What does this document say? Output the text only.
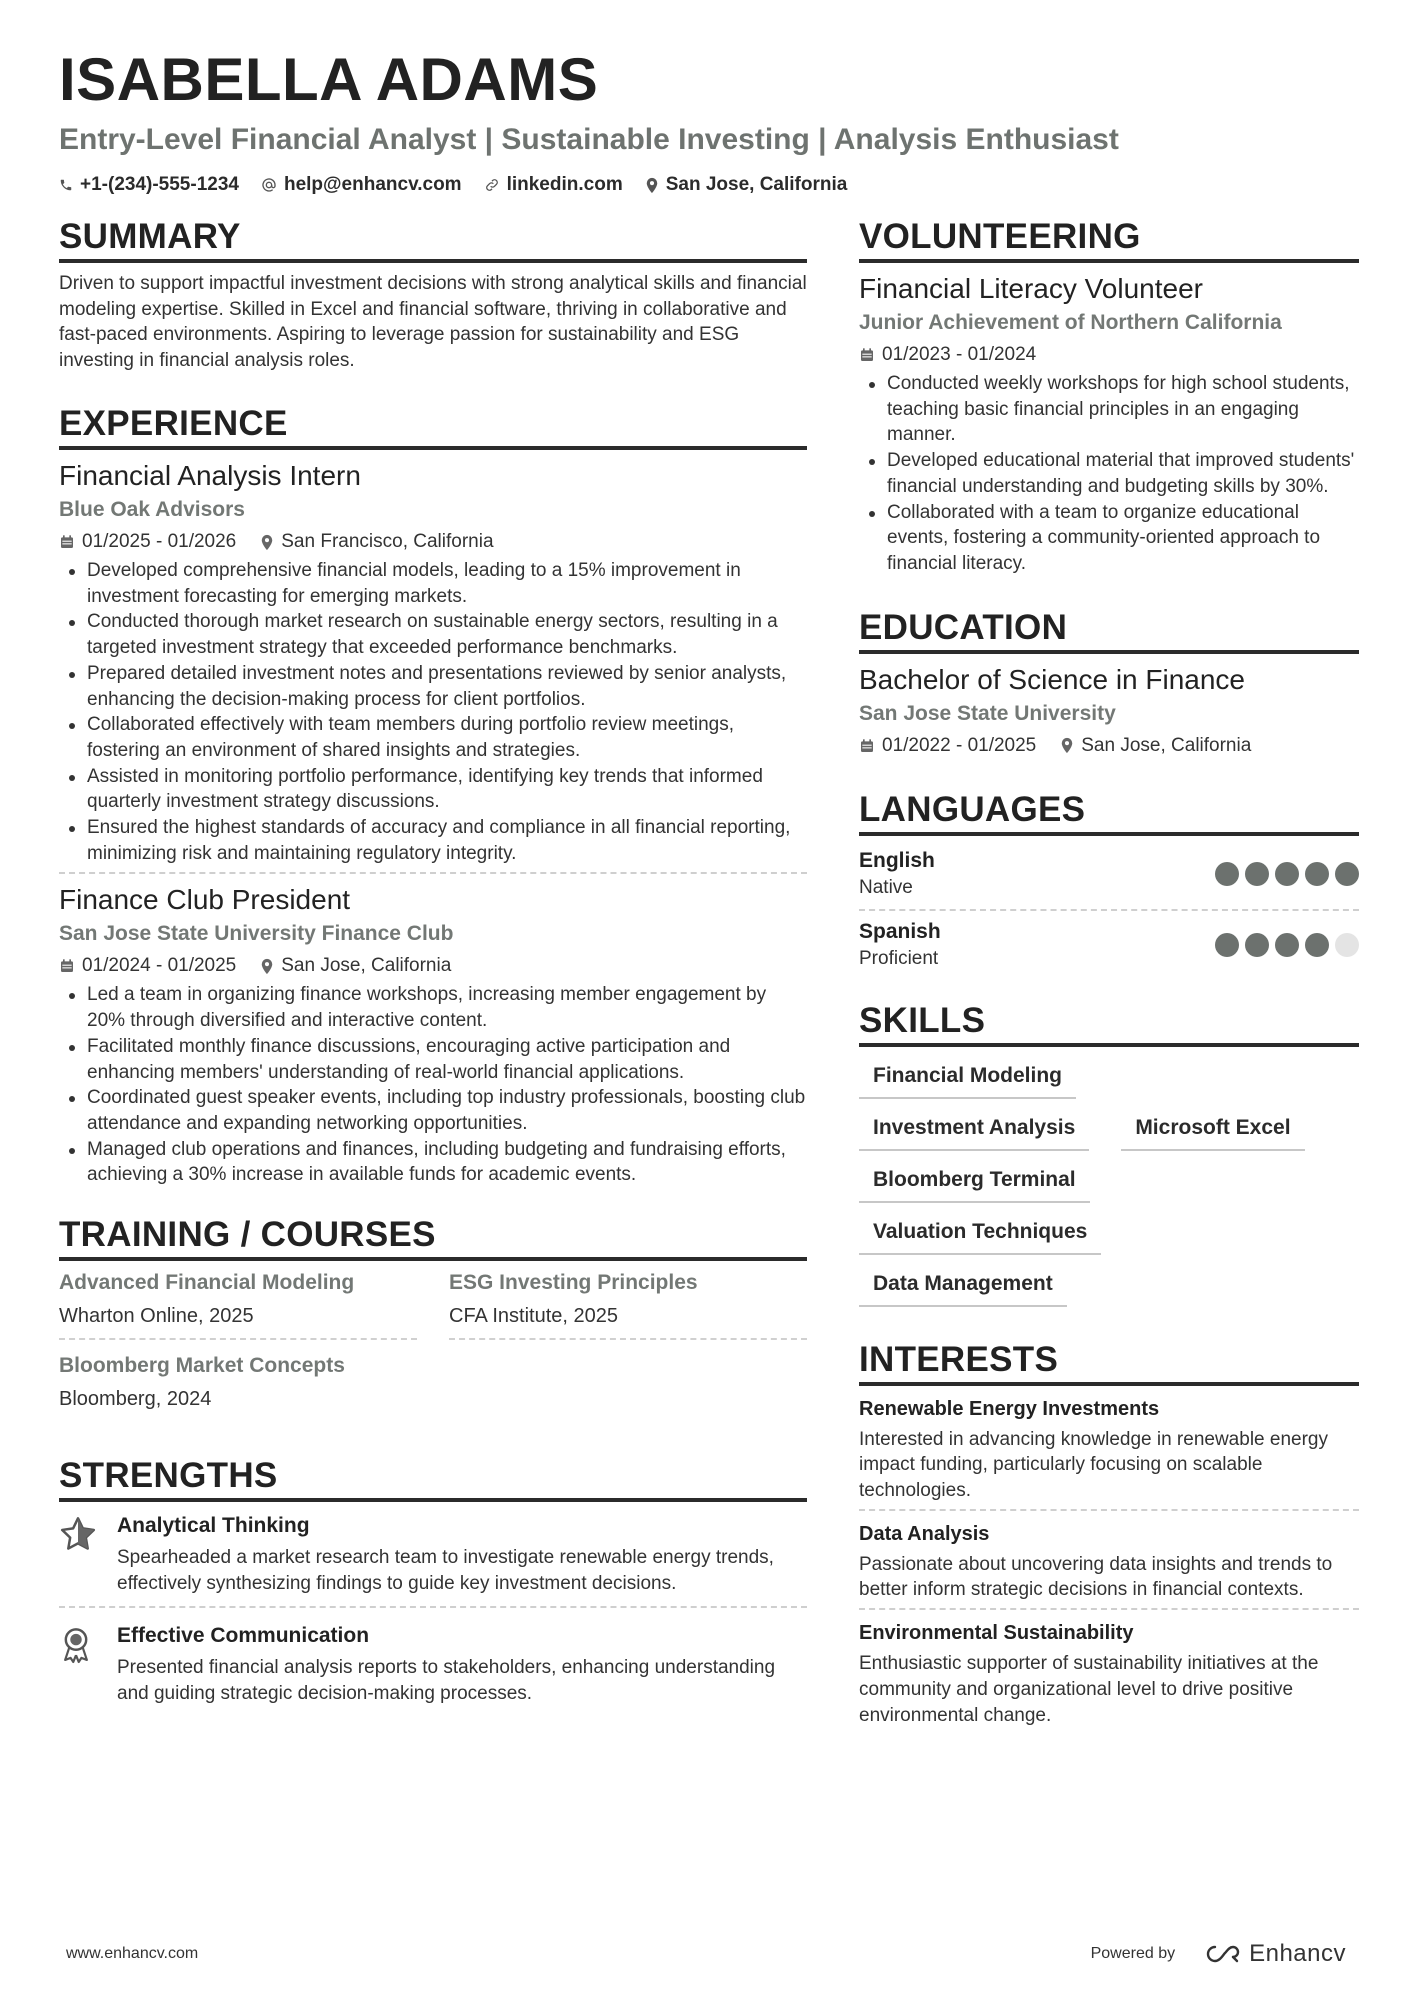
ISABELLA ADAMS
Entry-Level Financial Analyst | Sustainable Investing | Analysis Enthusiast
+1-(234)-555-1234 help@enhancv.com linkedin.com San Jose, California
SUMMARY
Driven to support impactful investment decisions with strong analytical skills and financial modeling expertise. Skilled in Excel and financial software, thriving in collaborative and fast-paced environments. Aspiring to leverage passion for sustainability and ESG investing in financial analysis roles.
EXPERIENCE
Financial Analysis Intern
Blue Oak Advisors
01/2025 - 01/2026 San Francisco, California
Developed comprehensive financial models, leading to a 15% improvement in investment forecasting for emerging markets.
Conducted thorough market research on sustainable energy sectors, resulting in a targeted investment strategy that exceeded performance benchmarks.
Prepared detailed investment notes and presentations reviewed by senior analysts, enhancing the decision-making process for client portfolios.
Collaborated effectively with team members during portfolio review meetings, fostering an environment of shared insights and strategies.
Assisted in monitoring portfolio performance, identifying key trends that informed quarterly investment strategy discussions.
Ensured the highest standards of accuracy and compliance in all financial reporting, minimizing risk and maintaining regulatory integrity.
Finance Club President
San Jose State University Finance Club
01/2024 - 01/2025 San Jose, California
Led a team in organizing finance workshops, increasing member engagement by 20% through diversified and interactive content.
Facilitated monthly finance discussions, encouraging active participation and enhancing members' understanding of real-world financial applications.
Coordinated guest speaker events, including top industry professionals, boosting club attendance and expanding networking opportunities.
Managed club operations and finances, including budgeting and fundraising efforts, achieving a 30% increase in available funds for academic events.
TRAINING / COURSES
Advanced Financial Modeling
Wharton Online, 2025
ESG Investing Principles
CFA Institute, 2025
Bloomberg Market Concepts
Bloomberg, 2024
STRENGTHS
Analytical Thinking
Spearheaded a market research team to investigate renewable energy trends, effectively synthesizing findings to guide key investment decisions.
Effective Communication
Presented financial analysis reports to stakeholders, enhancing understanding and guiding strategic decision-making processes.
VOLUNTEERING
Financial Literacy Volunteer
Junior Achievement of Northern California
01/2023 - 01/2024
Conducted weekly workshops for high school students, teaching basic financial principles in an engaging manner.
Developed educational material that improved students' financial understanding and budgeting skills by 30%.
Collaborated with a team to organize educational events, fostering a community-oriented approach to financial literacy.
EDUCATION
Bachelor of Science in Finance
San Jose State University
01/2022 - 01/2025 San Jose, California
LANGUAGES
English
Native
Spanish
Proficient
SKILLS
Financial Modeling
Investment Analysis	Microsoft Excel
Bloomberg Terminal
Valuation Techniques
Data Management
INTERESTS
Renewable Energy Investments
Interested in advancing knowledge in renewable energy impact funding, particularly focusing on scalable technologies.
Data Analysis
Passionate about uncovering data insights and trends to better inform strategic decisions in financial contexts.
Environmental Sustainability
Enthusiastic supporter of sustainability initiatives at the community and organizational level to drive positive environmental change.
www.enhancv.com	Powered by	Enhancv
